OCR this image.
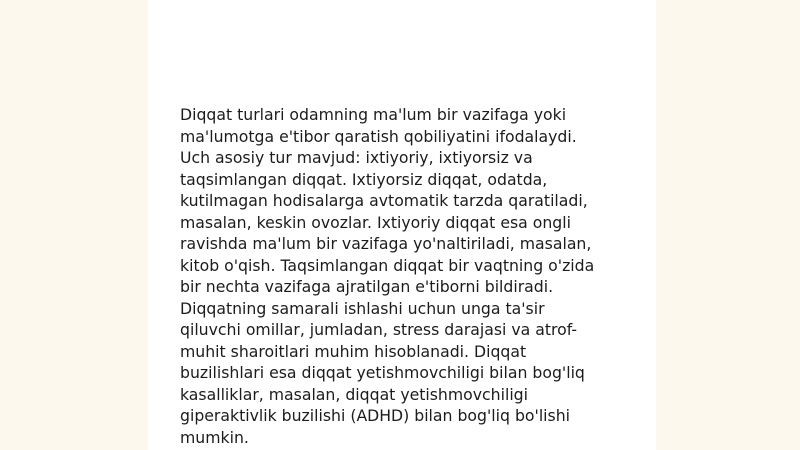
Diqqat turlari odamning ma'lum bir vazifaga yoki
ma'lumotga e'tibor qaratish qobiliyatini ifodalaydi.
Uch asosiy tur mavjud: ixtiyoriy, ixtiyorsiz va
taqsimlangan diqqat. Ixtiyorsiz diqqat, odatda,
kutilmagan hodisalarga avtomatik tarzda qaratiladi,
masalan, keskin ovozlar. Ixtiyoriy diqqat esa ongli
ravishda ma'lum bir vazifaga yo'naltiriladi, masalan,
kitob o'qish. Taqsimlangan diqqat bir vaqtning o'zida
bir nechta vazifaga ajratilgan e'tiborni bildiradi.
Diqqatning samarali ishlashi uchun unga ta'sir
qiluvchi omillar, jumladan, stress darajasi va atrof-
muhit sharoitlari muhim hisoblanadi. Diqqat
buzilishlari esa diqqat yetishmovchiligi bilan bog'liq
kasalliklar, masalan, diqqat yetishmovchiligi
giperaktivlik buzilishi (ADHD) bilan bog'liq bo'lishi
mumkin.
